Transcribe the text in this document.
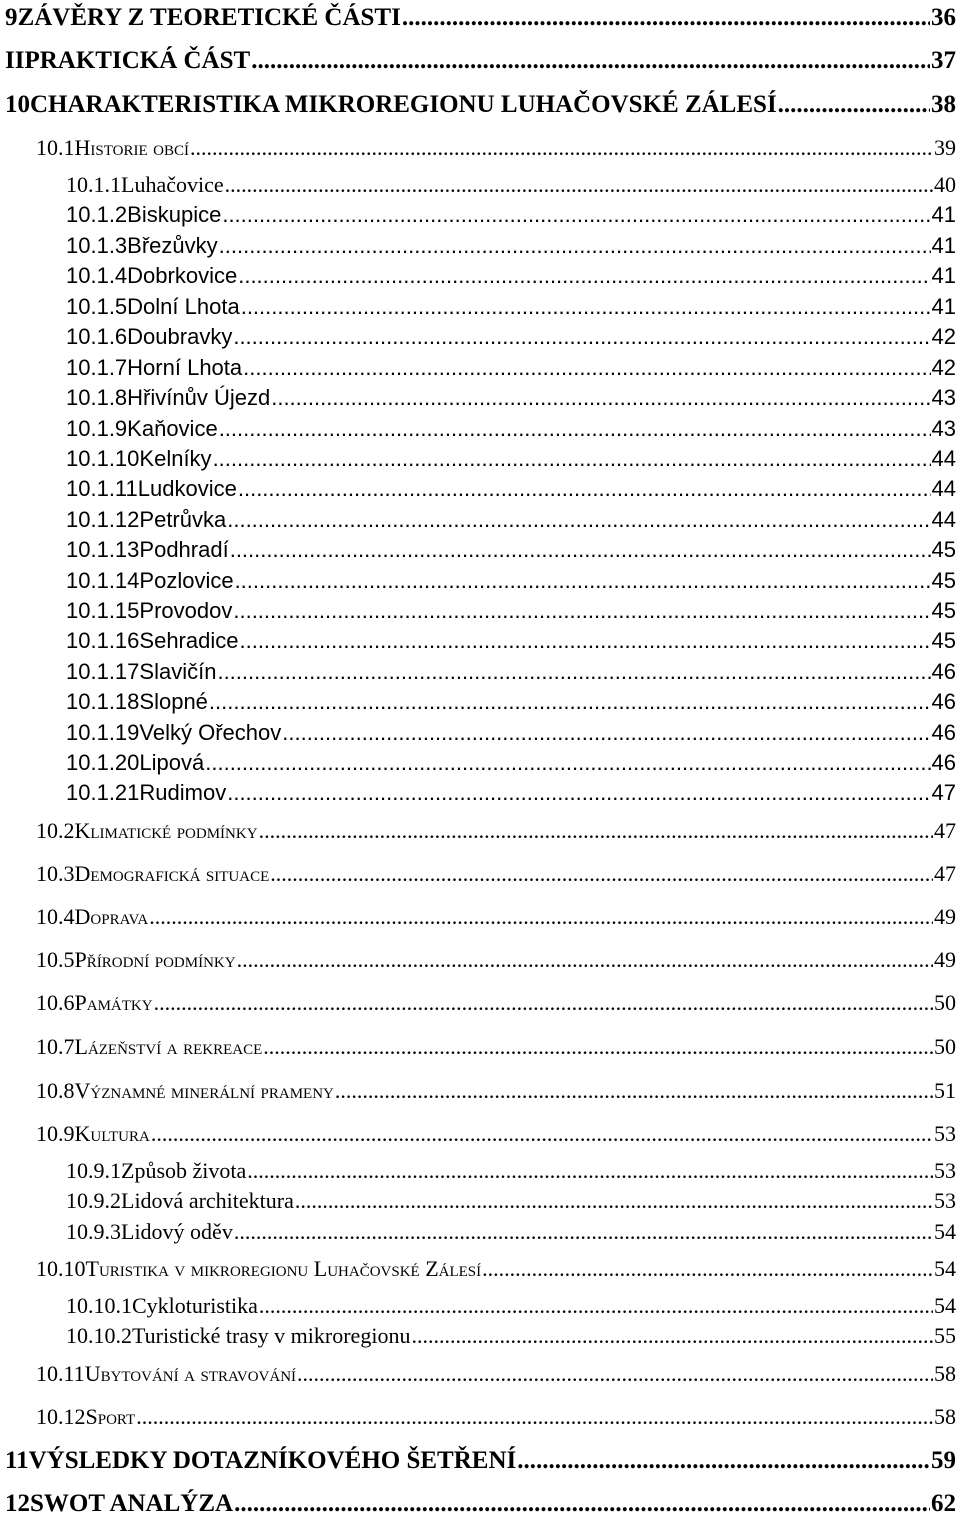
9 ZÁVĚRY Z TEORETICKÉ ČÁSTI .....	36
II PRAKTICKÁ ČÁST .....	37
10 CHARAKTERISTIKA MIKROREGIONU LUHAČOVSKÉ ZÁLESÍ .....	38
10.1 Historie obcí .....	39
10.1.1 Luhačovice .....	40
10.1.2 Biskupice .....	41
10.1.3 Březůvky .....	41
10.1.4 Dobrkovice .....	41
10.1.5 Dolní Lhota .....	41
10.1.6 Doubravky .....	42
10.1.7 Horní Lhota .....	42
10.1.8 Hřivínův Újezd .....	43
10.1.9 Kaňovice .....	43
10.1.10 Kelníky .....	44
10.1.11 Ludkovice .....	44
10.1.12 Petrůvka .....	44
10.1.13 Podhradí .....	45
10.1.14 Pozlovice .....	45
10.1.15 Provodov .....	45
10.1.16 Sehradice .....	45
10.1.17 Slavičín .....	46
10.1.18 Slopné .....	46
10.1.19 Velký Ořechov .....	46
10.1.20 Lipová .....	46
10.1.21 Rudimov .....	47
10.2 Klimatické podmínky .....	47
10.3 Demografická situace .....	47
10.4 Doprava .....	49
10.5 Přírodní podmínky .....	49
10.6 Památky .....	50
10.7 Lázeňství a rekreace .....	50
10.8 Významné minerální prameny .....	51
10.9 Kultura .....	53
10.9.1 Způsob života .....	53
10.9.2 Lidová architektura .....	53
10.9.3 Lidový oděv .....	54
10.10 Turistika v mikroregionu Luhačovské Zálesí .....	54
10.10.1 Cykloturistika .....	54
10.10.2 Turistické trasy v mikroregionu .....	55
10.11 Ubytování a stravování .....	58
10.12 Sport .....	58
11 VÝSLEDKY DOTAZNÍKOVÉHO ŠETŘENÍ .....	59
12 SWOT ANALÝZA .....	62
